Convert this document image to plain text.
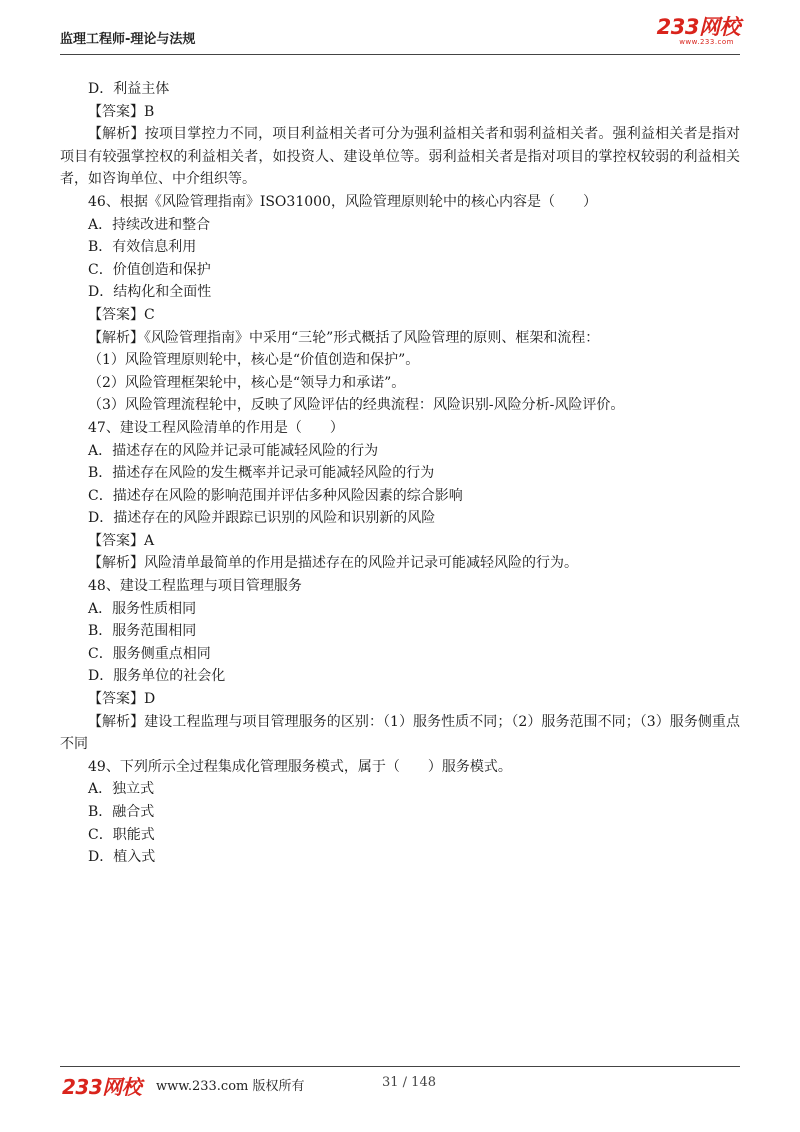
监理工程师-理论与法规
233网校
www.233.com
D．利益主体
【答案】B
【解析】按项目掌控力不同，项目利益相关者可分为强利益相关者和弱利益相关者。强利益相关者是指对项目有较强掌控权的利益相关者，如投资人、建设单位等。弱利益相关者是指对项目的掌控权较弱的利益相关者，如咨询单位、中介组织等。
46、根据《风险管理指南》ISO31000，风险管理原则轮中的核心内容是（　　）
A．持续改进和整合
B．有效信息利用
C．价值创造和保护
D．结构化和全面性
【答案】C
【解析】《风险管理指南》中采用“三轮”形式概括了风险管理的原则、框架和流程：
（1）风险管理原则轮中，核心是“价值创造和保护”。
（2）风险管理框架轮中，核心是“领导力和承诺”。
（3）风险管理流程轮中，反映了风险评估的经典流程：风险识别-风险分析-风险评价。
47、建设工程风险清单的作用是（　　）
A．描述存在的风险并记录可能减轻风险的行为
B．描述存在风险的发生概率并记录可能减轻风险的行为
C．描述存在风险的影响范围并评估多种风险因素的综合影响
D．描述存在的风险并跟踪已识别的风险和识别新的风险
【答案】A
【解析】风险清单最简单的作用是描述存在的风险并记录可能减轻风险的行为。
48、建设工程监理与项目管理服务
A．服务性质相同
B．服务范围相同
C．服务侧重点相同
D．服务单位的社会化
【答案】D
【解析】建设工程监理与项目管理服务的区别：（1）服务性质不同；（2）服务范围不同；（3）服务侧重点不同
49、下列所示全过程集成化管理服务模式，属于（　　）服务模式。
A．独立式
B．融合式
C．职能式
D．植入式
233网校 www.233.com 版权所有	31 / 148
